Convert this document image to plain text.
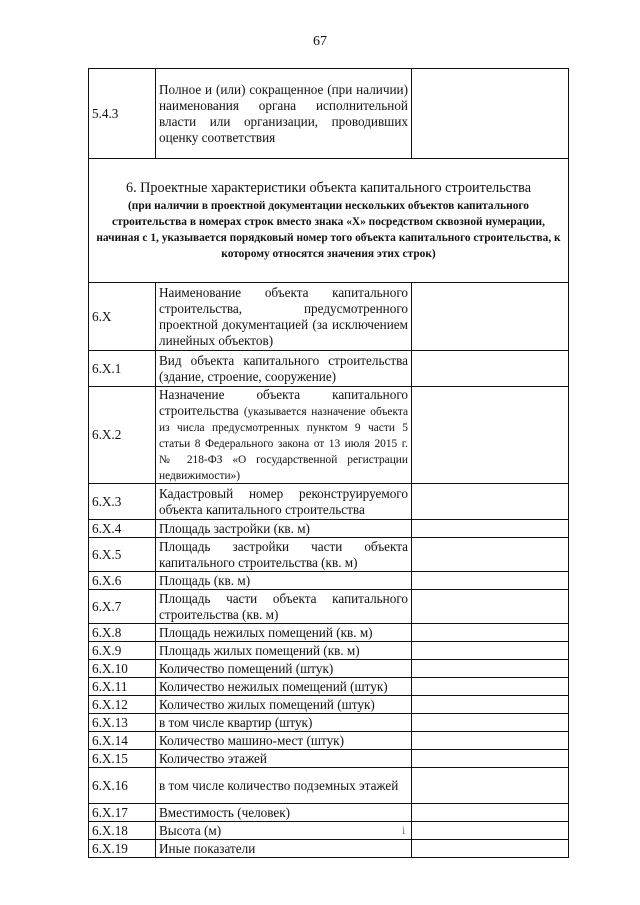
67
5.4.3	Полное и (или) сокращенное (при наличии) наименования органа исполнительной власти или организации, проводивших оценку соответствия	

6. Проектные характеристики объекта капитального строительства
(при наличии в проектной документации нескольких объектов капитального строительства в номерах строк вместо знака «X» посредством сквозной нумерации, начиная с 1, указывается порядковый номер того объекта капитального строительства, к которому относятся значения этих строк)		

6.X	Наименование объекта капитального строительства, предусмотренного проектной документацией (за исключением линейных объектов)	
6.X.1	Вид объекта капитального строительства (здание, строение, сооружение)	
6.X.2	Назначение объекта капитального строительства (указывается назначение объекта из числа предусмотренных пунктом 9 части 5 статьи 8 Федерального закона от 13 июля 2015 г. № 218-ФЗ «О государственной регистрации недвижимости»)	
6.X.3	Кадастровый номер реконструируемого объекта капитального строительства	
6.X.4	Площадь застройки (кв. м)	
6.X.5	Площадь застройки части объекта капитального строительства (кв. м)	
6.X.6	Площадь (кв. м)	
6.X.7	Площадь части объекта капитального строительства (кв. м)	
6.X.8	Площадь нежилых помещений (кв. м)	
6.X.9	Площадь жилых помещений (кв. м)	
6.X.10	Количество помещений (штук)	
6.X.11	Количество нежилых помещений (штук)	
6.X.12	Количество жилых помещений (штук)	
6.X.13	в том числе квартир (штук)	
6.X.14	Количество машино-мест (штук)	
6.X.15	Количество этажей	
6.X.16	в том числе количество подземных этажей	
6.X.17	Вместимость (человек)	
6.X.18	Высота (м)	
6.X.19	Иные показатели	
ⅰ
